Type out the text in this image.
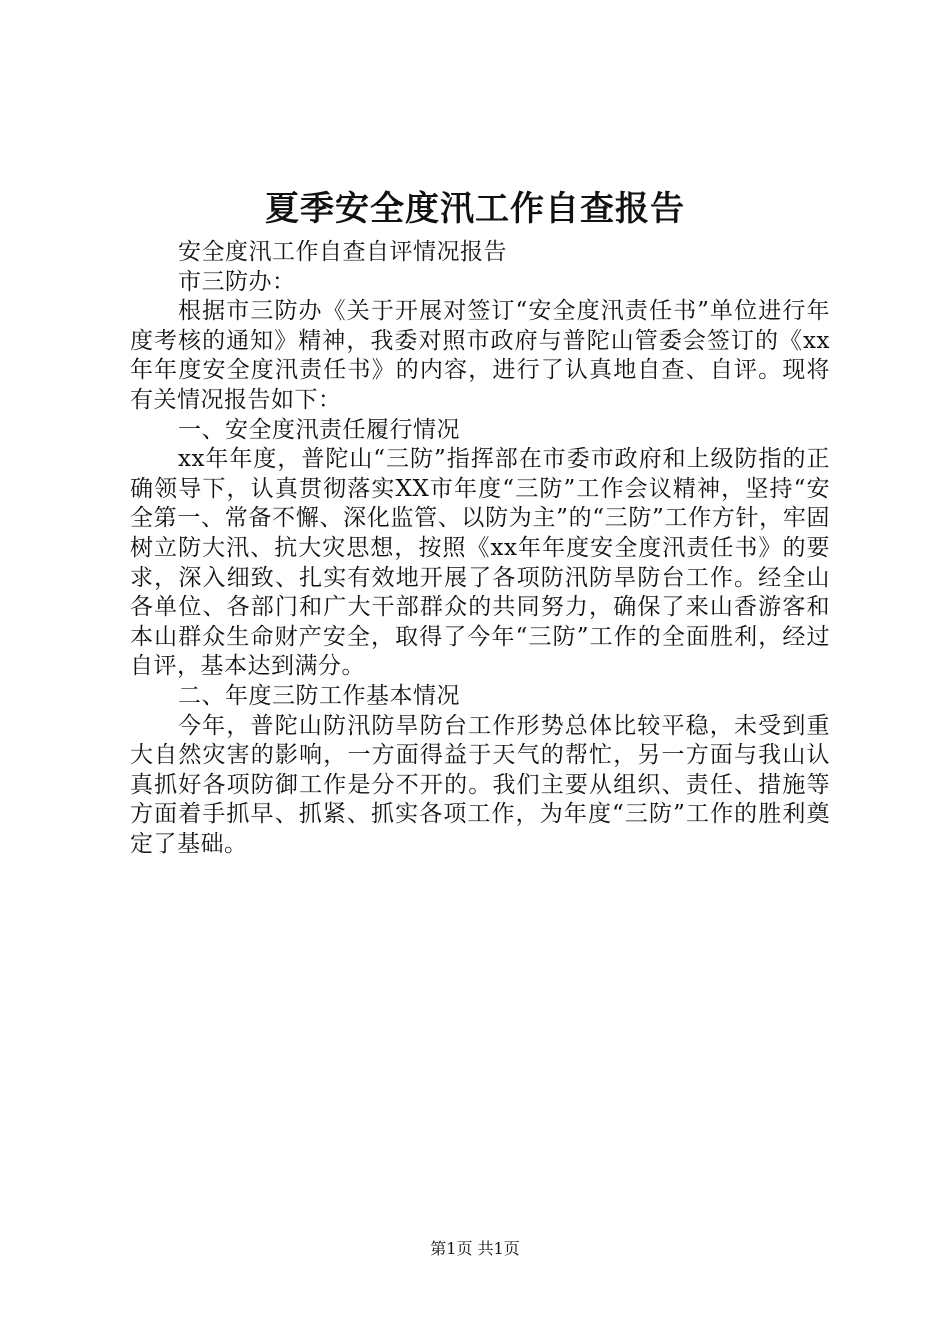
夏季安全度汛工作自查报告

安全度汛工作自查自评情况报告

市三防办：

根据市三防办《关于开展对签订“安全度汛责任书”单位进行年度考核的通知》精神，我委对照市政府与普陀山管委会签订的《xx年年度安全度汛责任书》的内容，进行了认真地自查、自评。现将有关情况报告如下：

一、安全度汛责任履行情况

xx年年度，普陀山“三防”指挥部在市委市政府和上级防指的正确领导下，认真贯彻落实XX市年度“三防”工作会议精神，坚持“安全第一、常备不懈、深化监管、以防为主”的“三防”工作方针，牢固树立防大汛、抗大灾思想，按照《xx年年度安全度汛责任书》的要求，深入细致、扎实有效地开展了各项防汛防旱防台工作。经全山各单位、各部门和广大干部群众的共同努力，确保了来山香游客和本山群众生命财产安全，取得了今年“三防”工作的全面胜利，经过自评，基本达到满分。

二、年度三防工作基本情况

今年，普陀山防汛防旱防台工作形势总体比较平稳，未受到重大自然灾害的影响，一方面得益于天气的帮忙，另一方面与我山认真抓好各项防御工作是分不开的。我们主要从组织、责任、措施等方面着手抓早、抓紧、抓实各项工作，为年度“三防”工作的胜利奠定了基础。

第1页 共1页
